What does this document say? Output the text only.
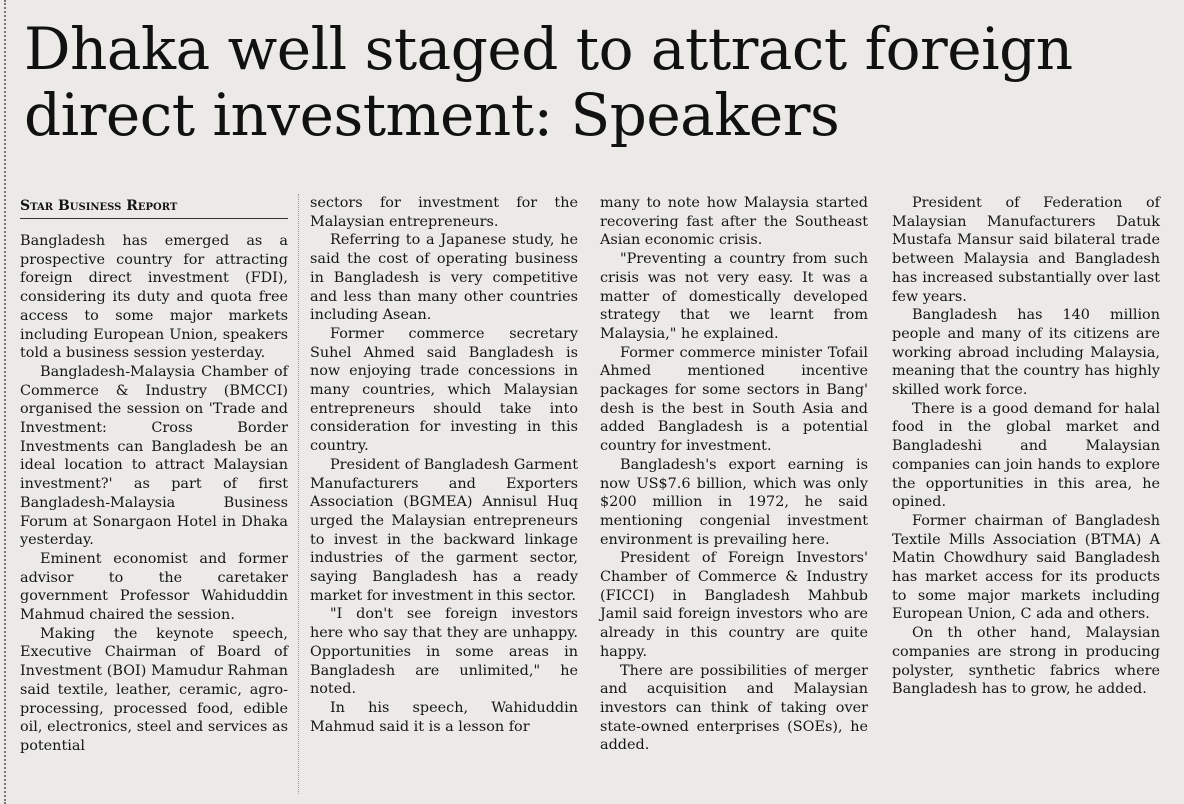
Dhaka well staged to attract foreign
direct investment: Speakers
Star Business Report

Bangladesh has emerged as a prospective country for attracting foreign direct investment (FDI), considering its duty and quota free access to some major markets including European Union, speakers told a business session yesterday.

Bangladesh-Malaysia Chamber of Commerce & Industry (BMCCI) organised the session on 'Trade and Investment: Cross Border Investments can Bangladesh be an ideal location to attract Malaysian investment?' as part of first Bangladesh-Malaysia Business Forum at Sonargaon Hotel in Dhaka yesterday.

Eminent economist and former advisor to the caretaker government Professor Wahiduddin Mahmud chaired the session.

Making the keynote speech, Executive Chairman of Board of Investment (BOI) Mamudur Rahman said textile, leather, ceramic, agro-processing, processed food, edible oil, electronics, steel and services as potential

sectors for investment for the Malaysian entrepreneurs.

Referring to a Japanese study, he said the cost of operating business in Bangladesh is very competitive and less than many other countries including Asean.

Former commerce secretary Suhel Ahmed said Bangladesh is now enjoying trade concessions in many countries, which Malaysian entrepreneurs should take into consideration for investing in this country.

President of Bangladesh Garment Manufacturers and Exporters Association (BGMEA) Annisul Huq urged the Malaysian entrepreneurs to invest in the backward linkage industries of the garment sector, saying Bangladesh has a ready market for investment in this sector.

"I don't see foreign investors here who say that they are unhappy. Opportunities in some areas in Bangladesh are unlimited," he noted.

In his speech, Wahiduddin Mahmud said it is a lesson for

many to note how Malaysia started recovering fast after the Southeast Asian economic crisis.

"Preventing a country from such crisis was not very easy. It was a matter of domestically developed strategy that we learnt from Malaysia," he explained.

Former commerce minister Tofail Ahmed mentioned incentive packages for some sectors in Bang' desh is the best in South Asia and added Bangladesh is a potential country for investment.

Bangladesh's export earning is now US$7.6 billion, which was only $200 million in 1972, he said mentioning congenial investment environment is prevailing here.

President of Foreign Investors' Chamber of Commerce & Industry (FICCI) in Bangladesh Mahbub Jamil said foreign investors who are already in this country are quite happy.

There are possibilities of merger and acquisition and Malaysian investors can think of taking over state-owned enterprises (SOEs), he added.

President of Federation of Malaysian Manufacturers Datuk Mustafa Mansur said bilateral trade between Malaysia and Bangladesh has increased substantially over last few years.

Bangladesh has 140 million people and many of its citizens are working abroad including Malaysia, meaning that the country has highly skilled work force.

There is a good demand for halal food in the global market and Bangladeshi and Malaysian companies can join hands to explore the opportunities in this area, he opined.

Former chairman of Bangladesh Textile Mills Association (BTMA) A Matin Chowdhury said Bangladesh has market access for its products to some major markets including European Union, C ada and others.

On th other hand, Malaysian companies are strong in producing polyster, synthetic fabrics where Bangladesh has to grow, he added.
